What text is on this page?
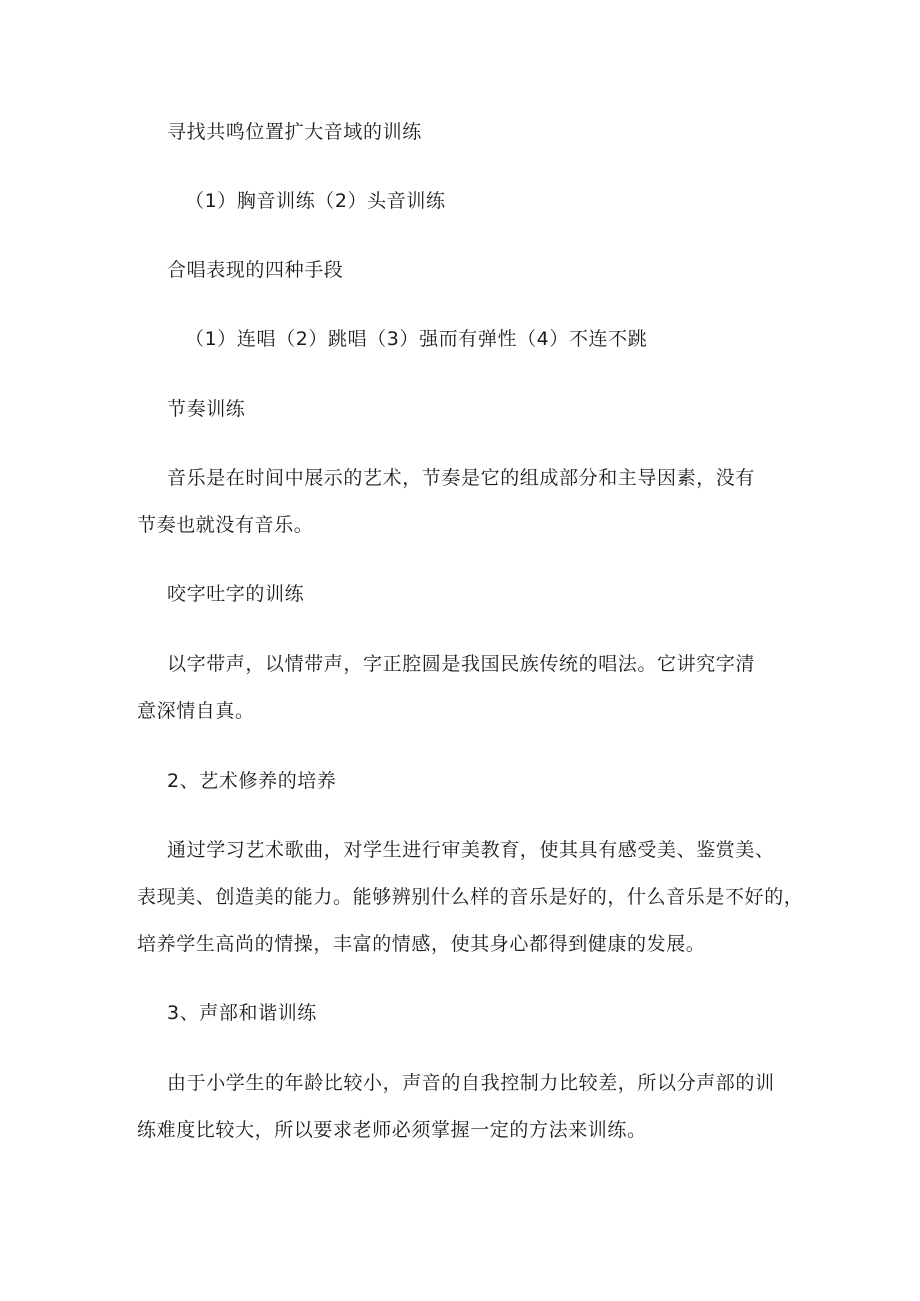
寻找共鸣位置扩大音域的训练

（1）胸音训练（2）头音训练

合唱表现的四种手段

（1）连唱（2）跳唱（3）强而有弹性（4）不连不跳

节奏训练

音乐是在时间中展示的艺术，节奏是它的组成部分和主导因素，没有

节奏也就没有音乐。

咬字吐字的训练

以字带声，以情带声，字正腔圆是我国民族传统的唱法。它讲究字清

意深情自真。

2、艺术修养的培养

通过学习艺术歌曲，对学生进行审美教育，使其具有感受美、鉴赏美、

表现美、创造美的能力。能够辨别什么样的音乐是好的，什么音乐是不好的，

培养学生高尚的情操，丰富的情感，使其身心都得到健康的发展。

3、声部和谐训练

由于小学生的年龄比较小，声音的自我控制力比较差，所以分声部的训

练难度比较大，所以要求老师必须掌握一定的方法来训练。
